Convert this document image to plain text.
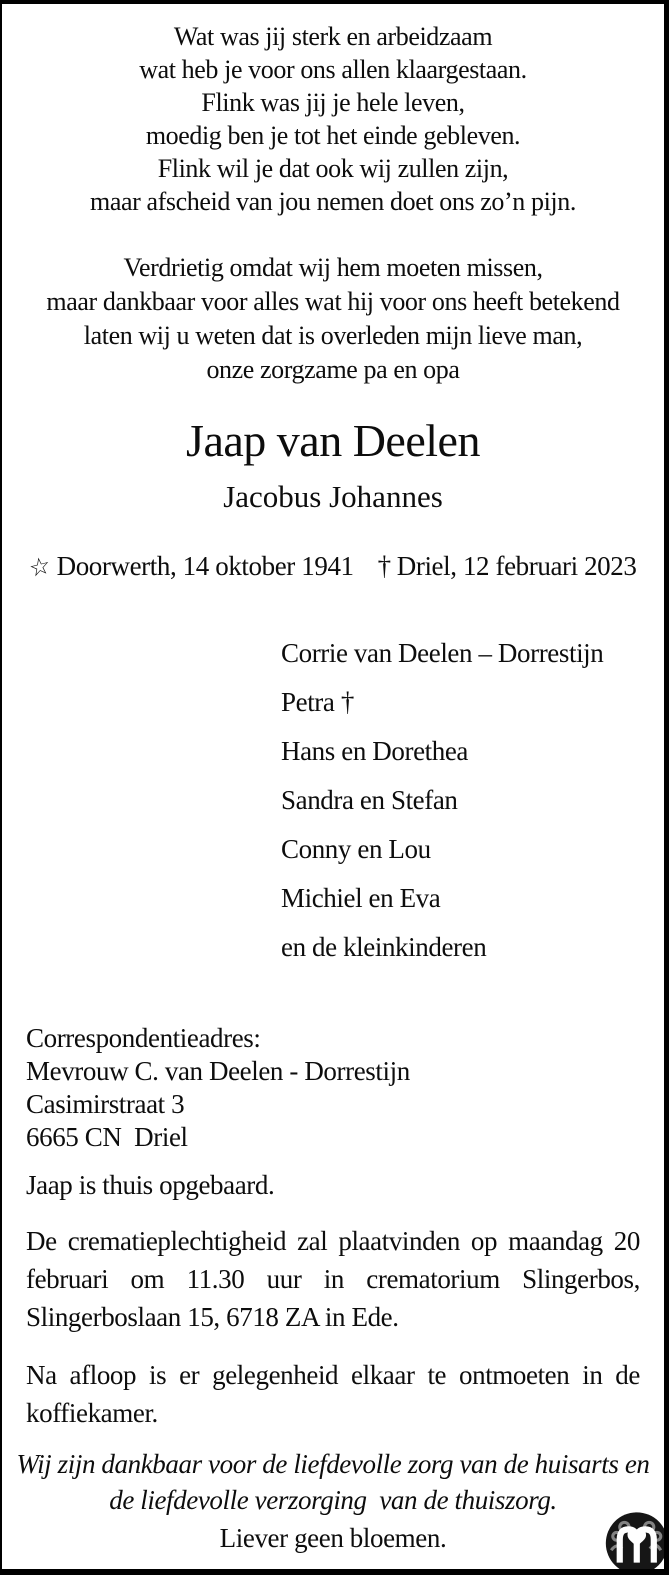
Wat was jij sterk en arbeidzaam
wat heb je voor ons allen klaargestaan.
Flink was jij je hele leven,
moedig ben je tot het einde gebleven.
Flink wil je dat ook wij zullen zijn,
maar afscheid van jou nemen doet ons zo’n pijn.
Verdrietig omdat wij hem moeten missen,
maar dankbaar voor alles wat hij voor ons heeft betekend
laten wij u weten dat is overleden mijn lieve man,
onze zorgzame pa en opa
Jaap van Deelen
Jacobus Johannes
☆ Doorwerth, 14 oktober 1941 † Driel, 12 februari 2023
Corrie van Deelen – Dorrestijn
Petra †
Hans en Dorethea
Sandra en Stefan
Conny en Lou
Michiel en Eva
en de kleinkinderen
Correspondentieadres:
Mevrouw C. van Deelen - Dorrestijn
Casimirstraat 3
6665 CN  Driel
Jaap is thuis opgebaard.
De crematieplechtigheid zal plaatvinden op maandag 20 februari om 11.30 uur in crematorium Slingerbos, Slingerboslaan 15, 6718 ZA in Ede.
Na afloop is er gelegenheid elkaar te ontmoeten in de koffiekamer.
Wij zijn dankbaar voor de liefdevolle zorg van de huisarts en de liefdevolle verzorging  van de thuiszorg.
Liever geen bloemen.
